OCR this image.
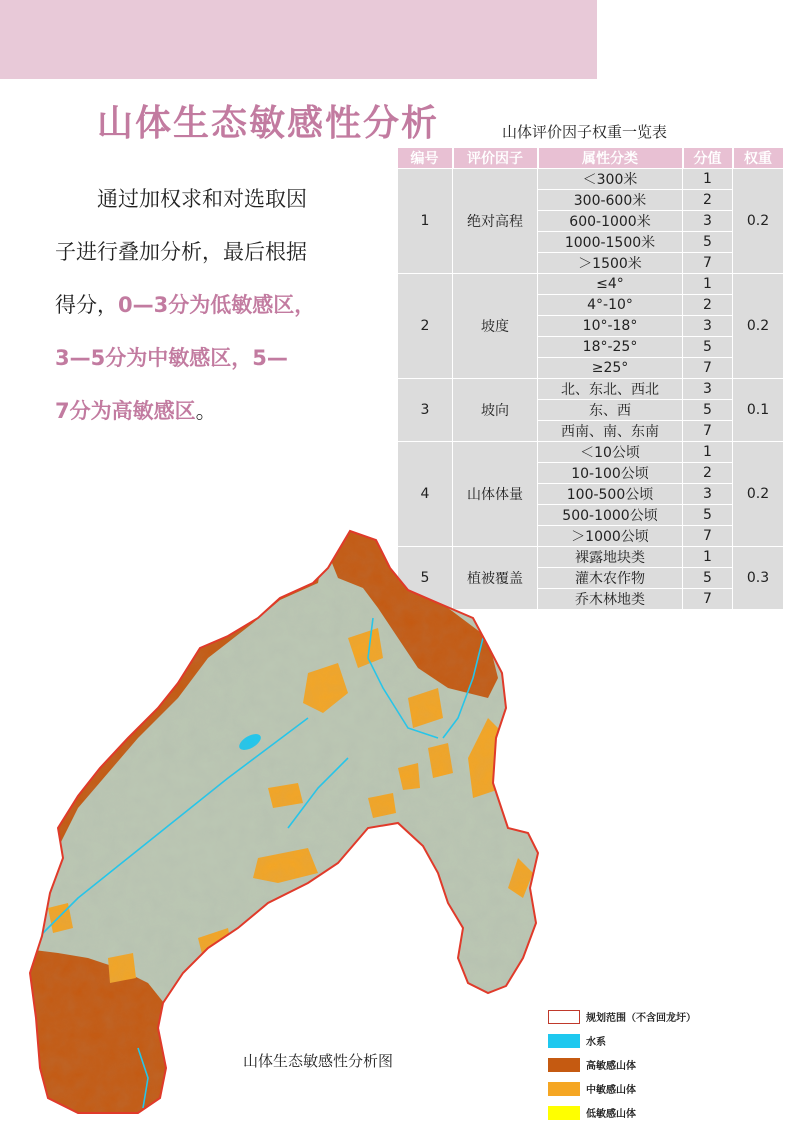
山体生态敏感性分析	山体评价因子权重一览表
通过加权求和对选取因
子进行叠加分析，最后根据
得分，0—3分为低敏感区，
3—5分为中敏感区，5—
7分为高敏感区。
编号	评价因子	属性分类	分值	权重
1	绝对高程	＜300米	1	0.2
		300-600米	2	
		600-1000米	3	
		1000-1500米	5	
		＞1500米	7	
2	坡度	≤4°	1	0.2
		4°-10°	2	
		10°-18°	3	
		18°-25°	5	
		≥25°	7	
3	坡向	北、东北、西北	3	0.1
		东、西	5	
		西南、南、东南	7	
4	山体体量	＜10公顷	1	0.2
		10-100公顷	2	
		100-500公顷	3	
		500-1000公顷	5	
		＞1000公顷	7	
5	植被覆盖	裸露地块类	1	0.3
		灌木农作物	5	
		乔木林地类	7	
山体生态敏感性分析图
规划范围（不含回龙圩）
水系
高敏感山体
中敏感山体
低敏感山体
